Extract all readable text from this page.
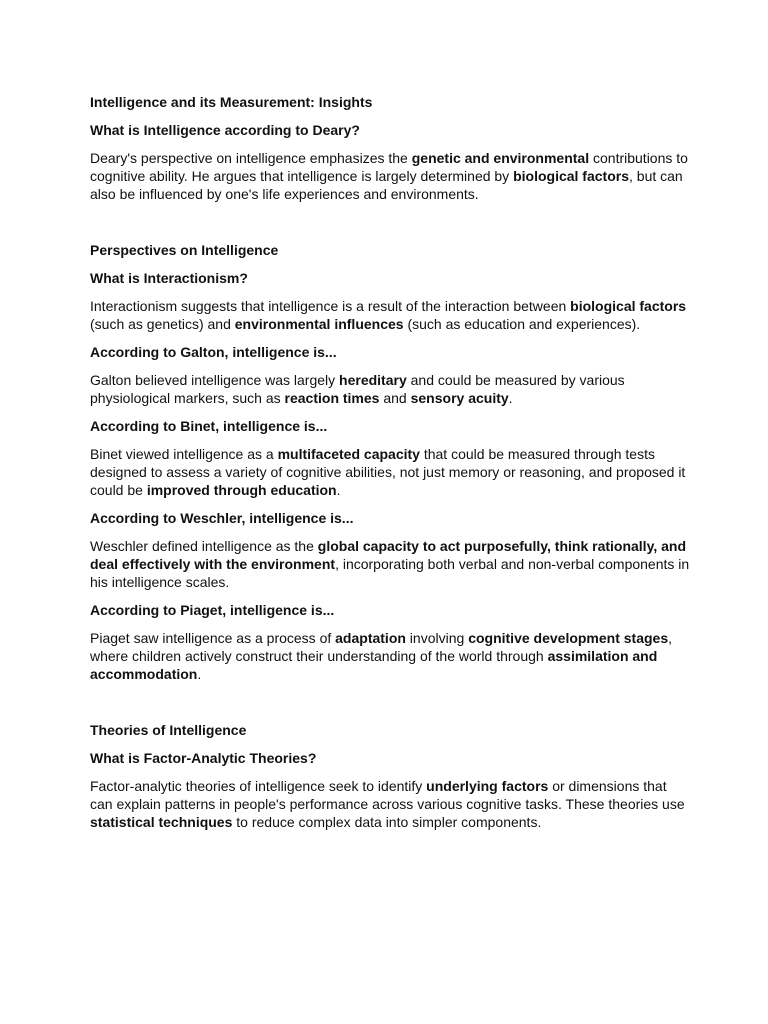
Intelligence and its Measurement: Insights

What is Intelligence according to Deary?

Deary's perspective on intelligence emphasizes the genetic and environmental contributions to cognitive ability. He argues that intelligence is largely determined by biological factors, but can also be influenced by one's life experiences and environments.

Perspectives on Intelligence

What is Interactionism?

Interactionism suggests that intelligence is a result of the interaction between biological factors (such as genetics) and environmental influences (such as education and experiences).

According to Galton, intelligence is...

Galton believed intelligence was largely hereditary and could be measured by various physiological markers, such as reaction times and sensory acuity.

According to Binet, intelligence is...

Binet viewed intelligence as a multifaceted capacity that could be measured through tests designed to assess a variety of cognitive abilities, not just memory or reasoning, and proposed it could be improved through education.

According to Weschler, intelligence is...

Weschler defined intelligence as the global capacity to act purposefully, think rationally, and deal effectively with the environment, incorporating both verbal and non-verbal components in his intelligence scales.

According to Piaget, intelligence is...

Piaget saw intelligence as a process of adaptation involving cognitive development stages, where children actively construct their understanding of the world through assimilation and accommodation.

Theories of Intelligence

What is Factor-Analytic Theories?

Factor-analytic theories of intelligence seek to identify underlying factors or dimensions that can explain patterns in people's performance across various cognitive tasks. These theories use statistical techniques to reduce complex data into simpler components.
